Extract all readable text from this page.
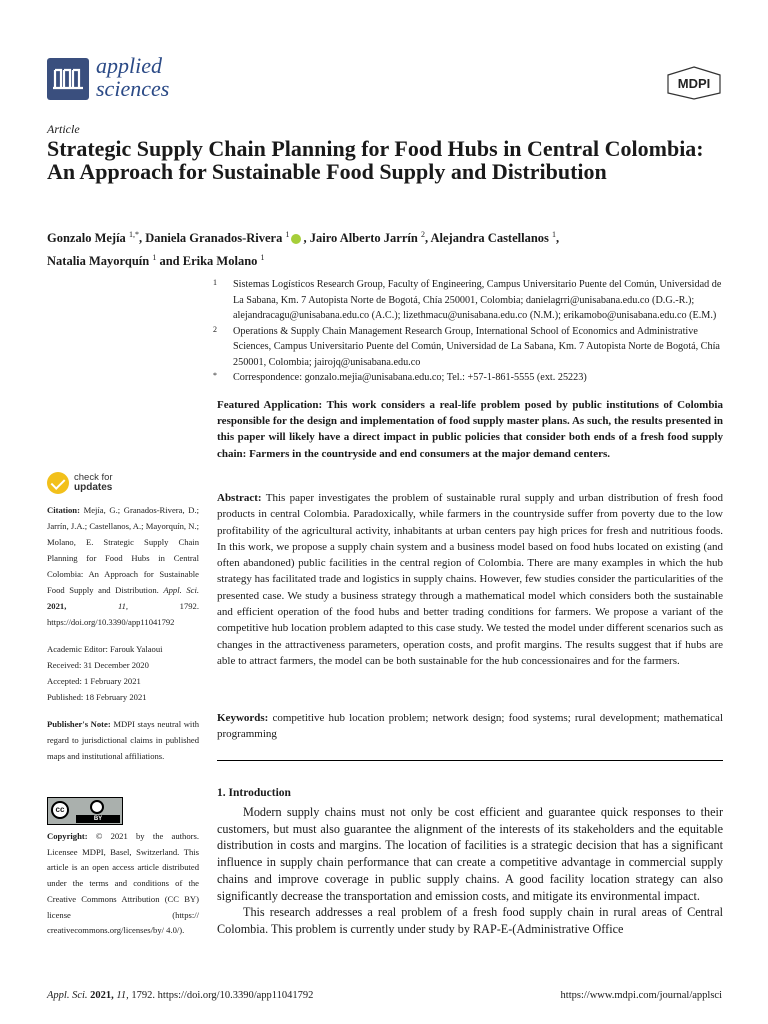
applied
sciences	MDPI
Article
Strategic Supply Chain Planning for Food Hubs in Central Colombia: An Approach for Sustainable Food Supply and Distribution
Gonzalo Mejía $^{1,*}$, Daniela Granados-Rivera $^1$ , Jairo Alberto Jarrín $^2$, Alejandra Castellanos $^1$,
Natalia Mayorquín $^1$ and Erika Molano $^1$
1 Sistemas Logísticos Research Group, Faculty of Engineering, Campus Universitario Puente del Común, Universidad de La Sabana, Km. 7 Autopista Norte de Bogotá, Chía 250001, Colombia; danielagrri@unisabana.edu.co (D.G.-R.); alejandracagu@unisabana.edu.co (A.C.); lizethmacu@unisabana.edu.co (N.M.); erikamobo@unisabana.edu.co (E.M.)
2 Operations & Supply Chain Management Research Group, International School of Economics and Administrative Sciences, Campus Universitario Puente del Común, Universidad de La Sabana, Km. 7 Autopista Norte de Bogotá, Chía 250001, Colombia; jairojq@unisabana.edu.co
* Correspondence: gonzalo.mejia@unisabana.edu.co; Tel.: +57-1-861-5555 (ext. 25223)
Featured Application: This work considers a real-life problem posed by public institutions of Colombia responsible for the design and implementation of food supply master plans. As such, the results presented in this paper will likely have a direct impact in public policies that consider both ends of a fresh food supply chain: Farmers in the countryside and end consumers at the major demand centers.
check for
updates

Citation: Mejía, G.; Granados-Rivera, D.; Jarrín, J.A.; Castellanos, A.; Mayorquín, N.; Molano, E. Strategic Supply Chain Planning for Food Hubs in Central Colombia: An Approach for Sustainable Food Supply and Distribution. Appl. Sci. 2021,	11,	1792. https://doi.org/10.3390/app11041792

Academic Editor: Farouk Yalaoui
Received: 31 December 2020
Accepted: 1 February 2021
Published: 18 February 2021

Publisher's Note: MDPI stays neutral with regard to jurisdictional claims in published maps and institutional affiliations.

cc
BY
Copyright: © 2021 by the authors. Licensee MDPI, Basel, Switzerland. This article is an open access article distributed under the terms and conditions of the Creative Commons Attribution (CC BY) license (https:// creativecommons.org/licenses/by/ 4.0/).
Abstract: This paper investigates the problem of sustainable rural supply and urban distribution of fresh food products in central Colombia. Paradoxically, while farmers in the countryside suffer from poverty due to the low profitability of the agricultural activity, inhabitants at urban centers pay high prices for fresh and nutritious foods. In this work, we propose a supply chain system and a business model based on food hubs located on existing (and often abandoned) public facilities in the central region of Colombia. There are many examples in which the hub strategy has facilitated trade and logistics in supply chains. However, few studies consider the particularities of the presented case. We study a business strategy through a mathematical model which considers both the sustainable and efficient operation of the food hubs and better trading conditions for farmers. We propose a variant of the competitive hub location problem adapted to this case study. We tested the model under different scenarios such as changes in the attractiveness parameters, operation costs, and profit margins. The results suggest that if hubs are able to attract farmers, the model can be both sustainable for the hub concessionaires and for the farmers.
Keywords: competitive hub location problem; network design; food systems; rural development; mathematical programming
1. Introduction

Modern supply chains must not only be cost efficient and guarantee quick responses to their customers, but must also guarantee the alignment of the interests of its stakeholders and the equitable distribution in costs and margins. The location of facilities is a strategic decision that has a significant influence in supply chain performance that can create a competitive advantage in commercial supply chains and improve coverage in public supply chains. A good facility location strategy can also significantly decrease the transportation and emission costs, and mitigate its environmental impact.

This research addresses a real problem of a fresh food supply chain in rural areas of Central Colombia. This problem is currently under study by RAP-E-(Administrative Office

Appl. Sci. 2021, 11, 1792. https://doi.org/10.3390/app11041792	https://www.mdpi.com/journal/applsci
